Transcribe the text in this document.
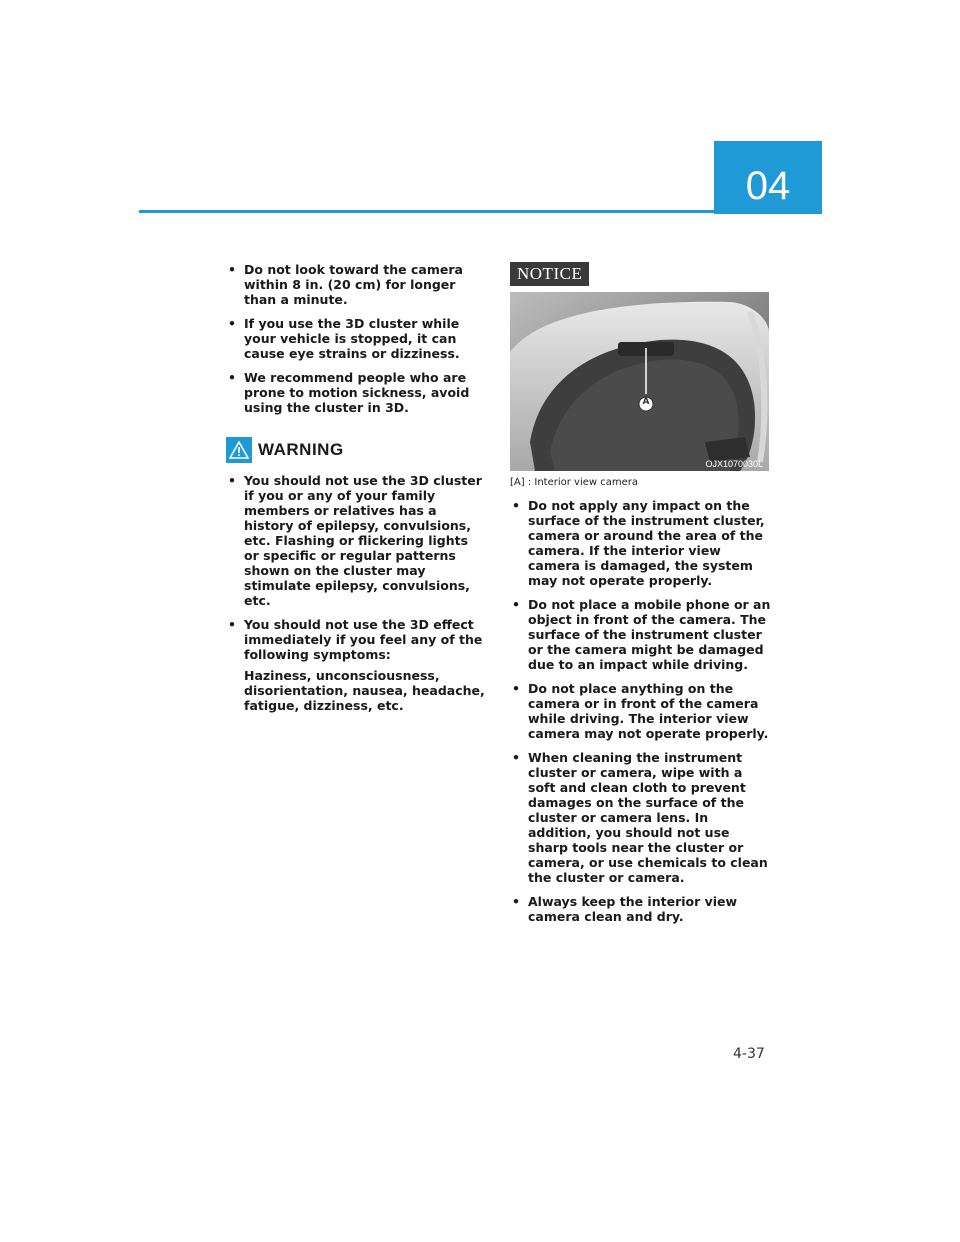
04
• Do not look toward the camera within 8 in. (20 cm) for longer than a minute.
• If you use the 3D cluster while your vehicle is stopped, it can cause eye strains or dizziness.
• We recommend people who are prone to motion sickness, avoid using the cluster in 3D.
WARNING
• You should not use the 3D cluster if you or any of your family members or relatives has a history of epilepsy, convulsions, etc. Flashing or flickering lights or specific or regular patterns shown on the cluster may stimulate epilepsy, convulsions, etc.
• You should not use the 3D effect immediately if you feel any of the following symptoms:
Haziness, unconsciousness, disorientation, nausea, headache, fatigue, dizziness, etc.
NOTICE
A
OJX1070030L
[A] : Interior view camera
• Do not apply any impact on the surface of the instrument cluster, camera or around the area of the camera. If the interior view camera is damaged, the system may not operate properly.
• Do not place a mobile phone or an object in front of the camera. The surface of the instrument cluster or the camera might be damaged due to an impact while driving.
• Do not place anything on the camera or in front of the camera while driving. The interior view camera may not operate properly.
• When cleaning the instrument cluster or camera, wipe with a soft and clean cloth to prevent damages on the surface of the cluster or camera lens. In addition, you should not use sharp tools near the cluster or camera, or use chemicals to clean the cluster or camera.
• Always keep the interior view camera clean and dry.
4-37
